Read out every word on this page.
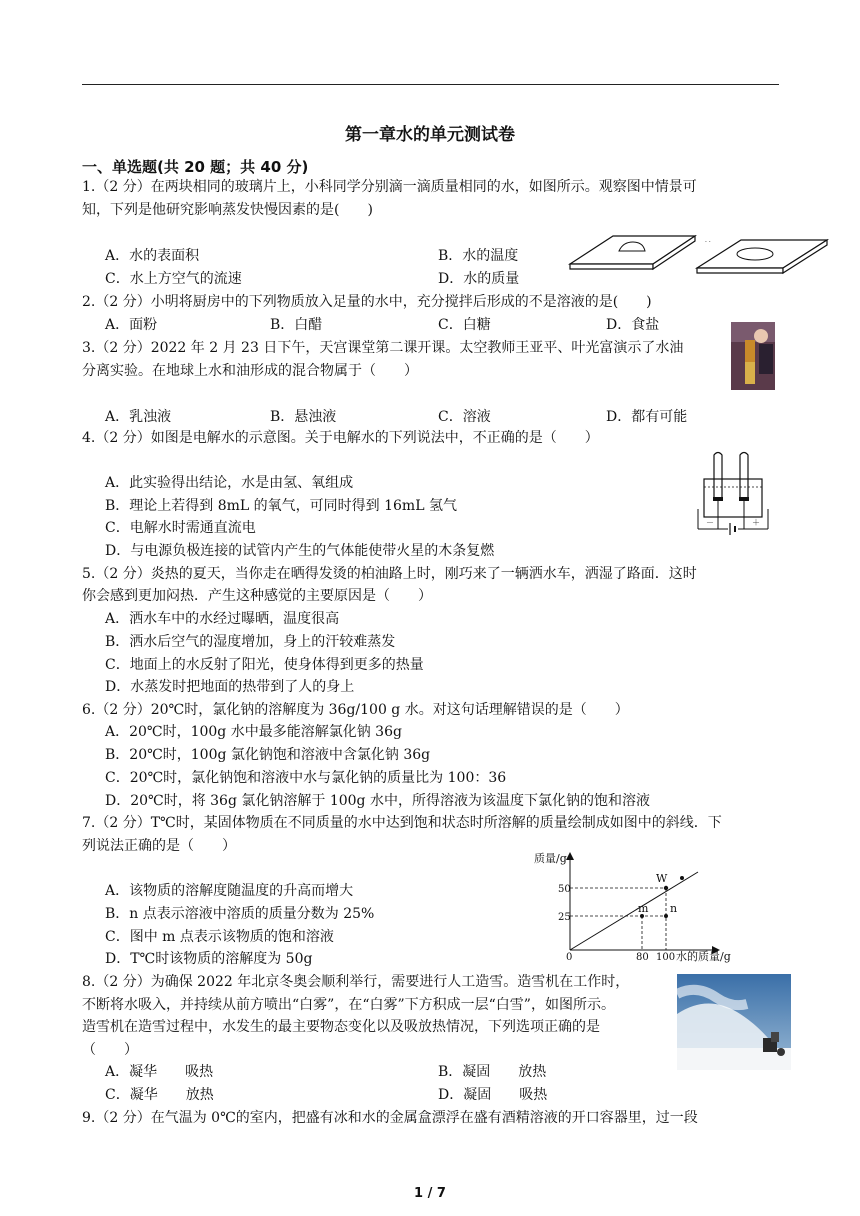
第一章水的单元测试卷
一、单选题(共 20 题；共 40 分)
1.（2 分）在两块相同的玻璃片上，小科同学分别滴一滴质量相同的水，如图所示。观察图中情景可
知，下列是他研究影响蒸发快慢因素的是(　　)
A．水的表面积	B．水的温度
C．水上方空气的流速	D．水的质量
· ·
2.（2 分）小明将厨房中的下列物质放入足量的水中，充分搅拌后形成的不是溶液的是(　　)
A．面粉	B．白醋	C．白糖	D．食盐
3.（2 分）2022 年 2 月 23 日下午，天宫课堂第二课开课。太空教师王亚平、叶光富演示了水油
分离实验。在地球上水和油形成的混合物属于（　　）
A．乳浊液	B．悬浊液	C．溶液	D．都有可能
4.（2 分）如图是电解水的示意图。关于电解水的下列说法中，不正确的是（　　）
A．此实验得出结论，水是由氢、氧组成
B．理论上若得到 8mL 的氧气，可同时得到 16mL 氢气
C．电解水时需通直流电
D．与电源负极连接的试管内产生的气体能使带火星的木条复燃
－	＋
5.（2 分）炎热的夏天，当你走在晒得发烫的柏油路上时，刚巧来了一辆洒水车，洒湿了路面．这时
你会感到更加闷热．产生这种感觉的主要原因是（　　）
A．洒水车中的水经过曝晒，温度很高
B．洒水后空气的湿度增加，身上的汗较难蒸发
C．地面上的水反射了阳光，使身体得到更多的热量
D．水蒸发时把地面的热带到了人的身上
6.（2 分）20℃时，氯化钠的溶解度为 36g/100 g 水。对这句话理解错误的是（　　）
A．20℃时，100g 水中最多能溶解氯化钠 36g
B．20℃时，100g 氯化钠饱和溶液中含氯化钠 36g
C．20℃时，氯化钠饱和溶液中水与氯化钠的质量比为 100：36
D．20℃时，将 36g 氯化钠溶解于 100g 水中，所得溶液为该温度下氯化钠的饱和溶液
7.（2 分）T℃时，某固体物质在不同质量的水中达到饱和状态时所溶解的质量绘制成如图中的斜线．下
列说法正确的是（　　）
A．该物质的溶解度随温度的升高而增大
B．n 点表示溶液中溶质的质量分数为 25%
C．图中 m 点表示该物质的饱和溶液
D．T℃时该物质的溶解度为 50g
质量/g
水的质量/g
0
50
25
80 100
W
m n
8.（2 分）为确保 2022 年北京冬奥会顺利举行，需要进行人工造雪。造雪机在工作时，
不断将水吸入，并持续从前方喷出“白雾”，在“白雾”下方积成一层“白雪”，如图所示。
造雪机在造雪过程中，水发生的最主要物态变化以及吸放热情况，下列选项正确的是
（　　）
A．凝华　　吸热	B．凝固　　放热
C．凝华　　放热	D．凝固　　吸热
9.（2 分）在气温为 0℃的室内，把盛有冰和水的金属盒漂浮在盛有酒精溶液的开口容器里，过一段
1 / 7
